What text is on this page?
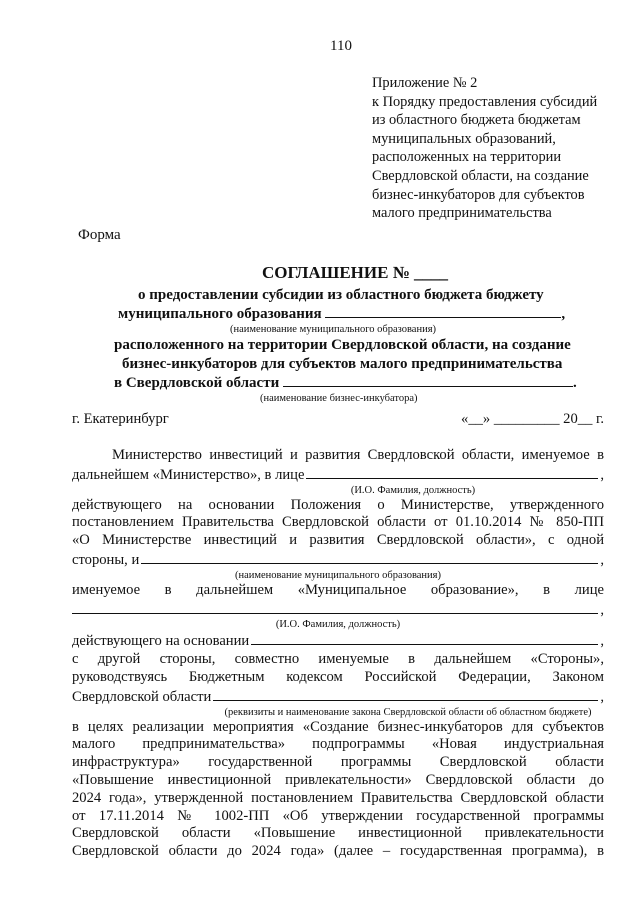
110
Приложение № 2
к Порядку предоставления субсидий
из областного бюджета бюджетам
муниципальных образований,
расположенных на территории
Свердловской области, на создание
бизнес-инкубаторов для субъектов
малого предпринимательства
Форма
СОГЛАШЕНИЕ № ____
о предоставлении субсидии из областного бюджета бюджету
муниципального образования	,
(наименование муниципального образования)
расположенного на территории Свердловской области, на создание
бизнес-инкубаторов для субъектов малого предпринимательства
в Свердловской области	.
(наименование бизнес-инкубатора)
г. Екатеринбург	«__» _________ 20__ г.
Министерство инвестиций и развития Свердловской области, именуемое в
дальнейшем «Министерство», в лице	,
(И.О. Фамилия, должность)
действующего на основании Положения о Министерстве, утвержденного
постановлением Правительства Свердловской области от 01.10.2014 № 850-ПП
«О Министерстве инвестиций и развития Свердловской области», с одной
стороны, и	,
(наименование муниципального образования)
именуемое в дальнейшем «Муниципальное образование», в лице
,
(И.О. Фамилия, должность)
действующего на основании	,
с другой стороны, совместно именуемые в дальнейшем «Стороны»,
руководствуясь Бюджетным кодексом Российской Федерации, Законом
Свердловской области	,
(реквизиты и наименование закона Свердловской области об областном бюджете)
в целях реализации мероприятия «Создание бизнес-инкубаторов для субъектов
малого предпринимательства» подпрограммы «Новая индустриальная
инфраструктура» государственной программы Свердловской области
«Повышение инвестиционной привлекательности» Свердловской области до
2024 года», утвержденной постановлением Правительства Свердловской области
от 17.11.2014 № 1002-ПП «Об утверждении государственной программы
Свердловской области «Повышение инвестиционной привлекательности
Свердловской области до 2024 года» (далее – государственная программа), в
